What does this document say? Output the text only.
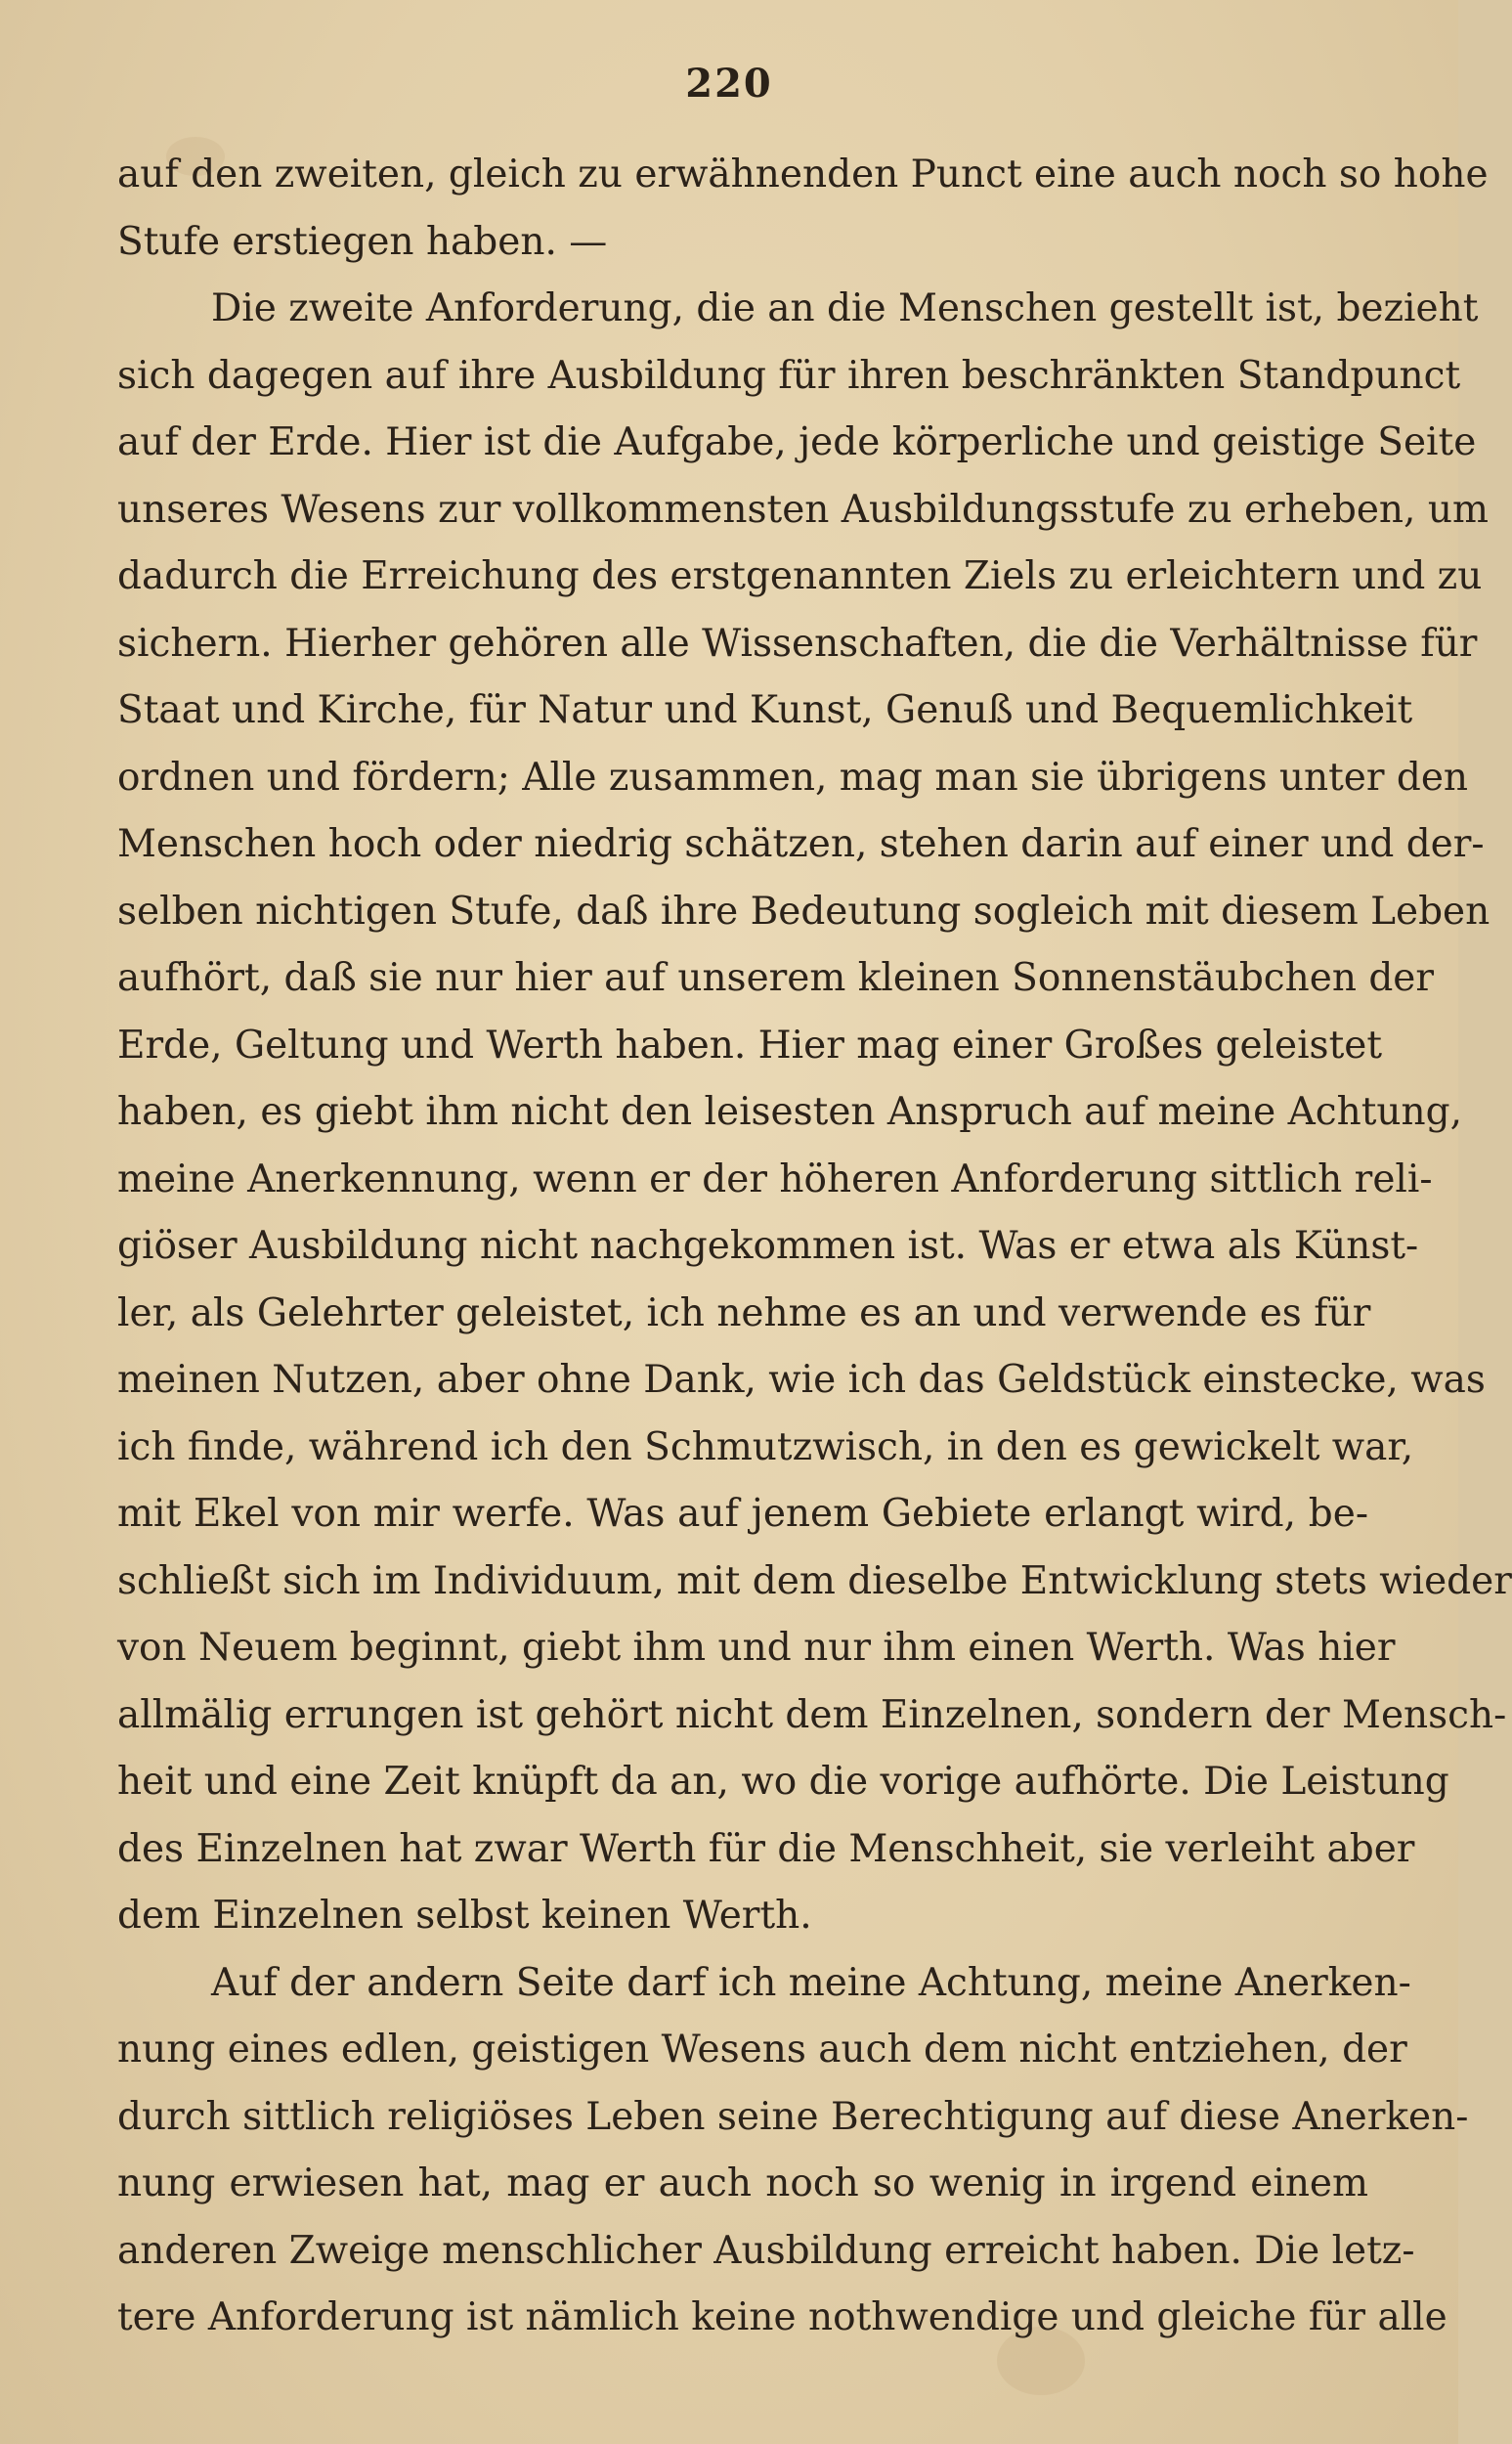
220
auf den zweiten, gleich zu erwähnenden Punct eine auch noch so hohe
Stufe erstiegen haben. —
Die zweite Anforderung, die an die Menschen gestellt ist, bezieht
sich dagegen auf ihre Ausbildung für ihren beschränkten Standpunct
auf der Erde. Hier ist die Aufgabe, jede körperliche und geistige Seite
unseres Wesens zur vollkommensten Ausbildungsstufe zu erheben, um
dadurch die Erreichung des erstgenannten Ziels zu erleichtern und zu
sichern. Hierher gehören alle Wissenschaften, die die Verhältnisse für
Staat und Kirche, für Natur und Kunst, Genuß und Bequemlichkeit
ordnen und fördern; Alle zusammen, mag man sie übrigens unter den
Menschen hoch oder niedrig schätzen, stehen darin auf einer und der-
selben nichtigen Stufe, daß ihre Bedeutung sogleich mit diesem Leben
aufhört, daß sie nur hier auf unserem kleinen Sonnenstäubchen der
Erde, Geltung und Werth haben. Hier mag einer Großes geleistet
haben, es giebt ihm nicht den leisesten Anspruch auf meine Achtung,
meine Anerkennung, wenn er der höheren Anforderung sittlich reli-
giöser Ausbildung nicht nachgekommen ist. Was er etwa als Künst-
ler, als Gelehrter geleistet, ich nehme es an und verwende es für
meinen Nutzen, aber ohne Dank, wie ich das Geldstück einstecke, was
ich finde, während ich den Schmutzwisch, in den es gewickelt war,
mit Ekel von mir werfe. Was auf jenem Gebiete erlangt wird, be-
schließt sich im Individuum, mit dem dieselbe Entwicklung stets wieder
von Neuem beginnt, giebt ihm und nur ihm einen Werth. Was hier
allmälig errungen ist gehört nicht dem Einzelnen, sondern der Mensch-
heit und eine Zeit knüpft da an, wo die vorige aufhörte. Die Leistung
des Einzelnen hat zwar Werth für die Menschheit, sie verleiht aber
dem Einzelnen selbst keinen Werth.
Auf der andern Seite darf ich meine Achtung, meine Anerken-
nung eines edlen, geistigen Wesens auch dem nicht entziehen, der
durch sittlich religiöses Leben seine Berechtigung auf diese Anerken-
nung erwiesen hat, mag er auch noch so wenig in irgend einem
anderen Zweige menschlicher Ausbildung erreicht haben. Die letz-
tere Anforderung ist nämlich keine nothwendige und gleiche für alle
